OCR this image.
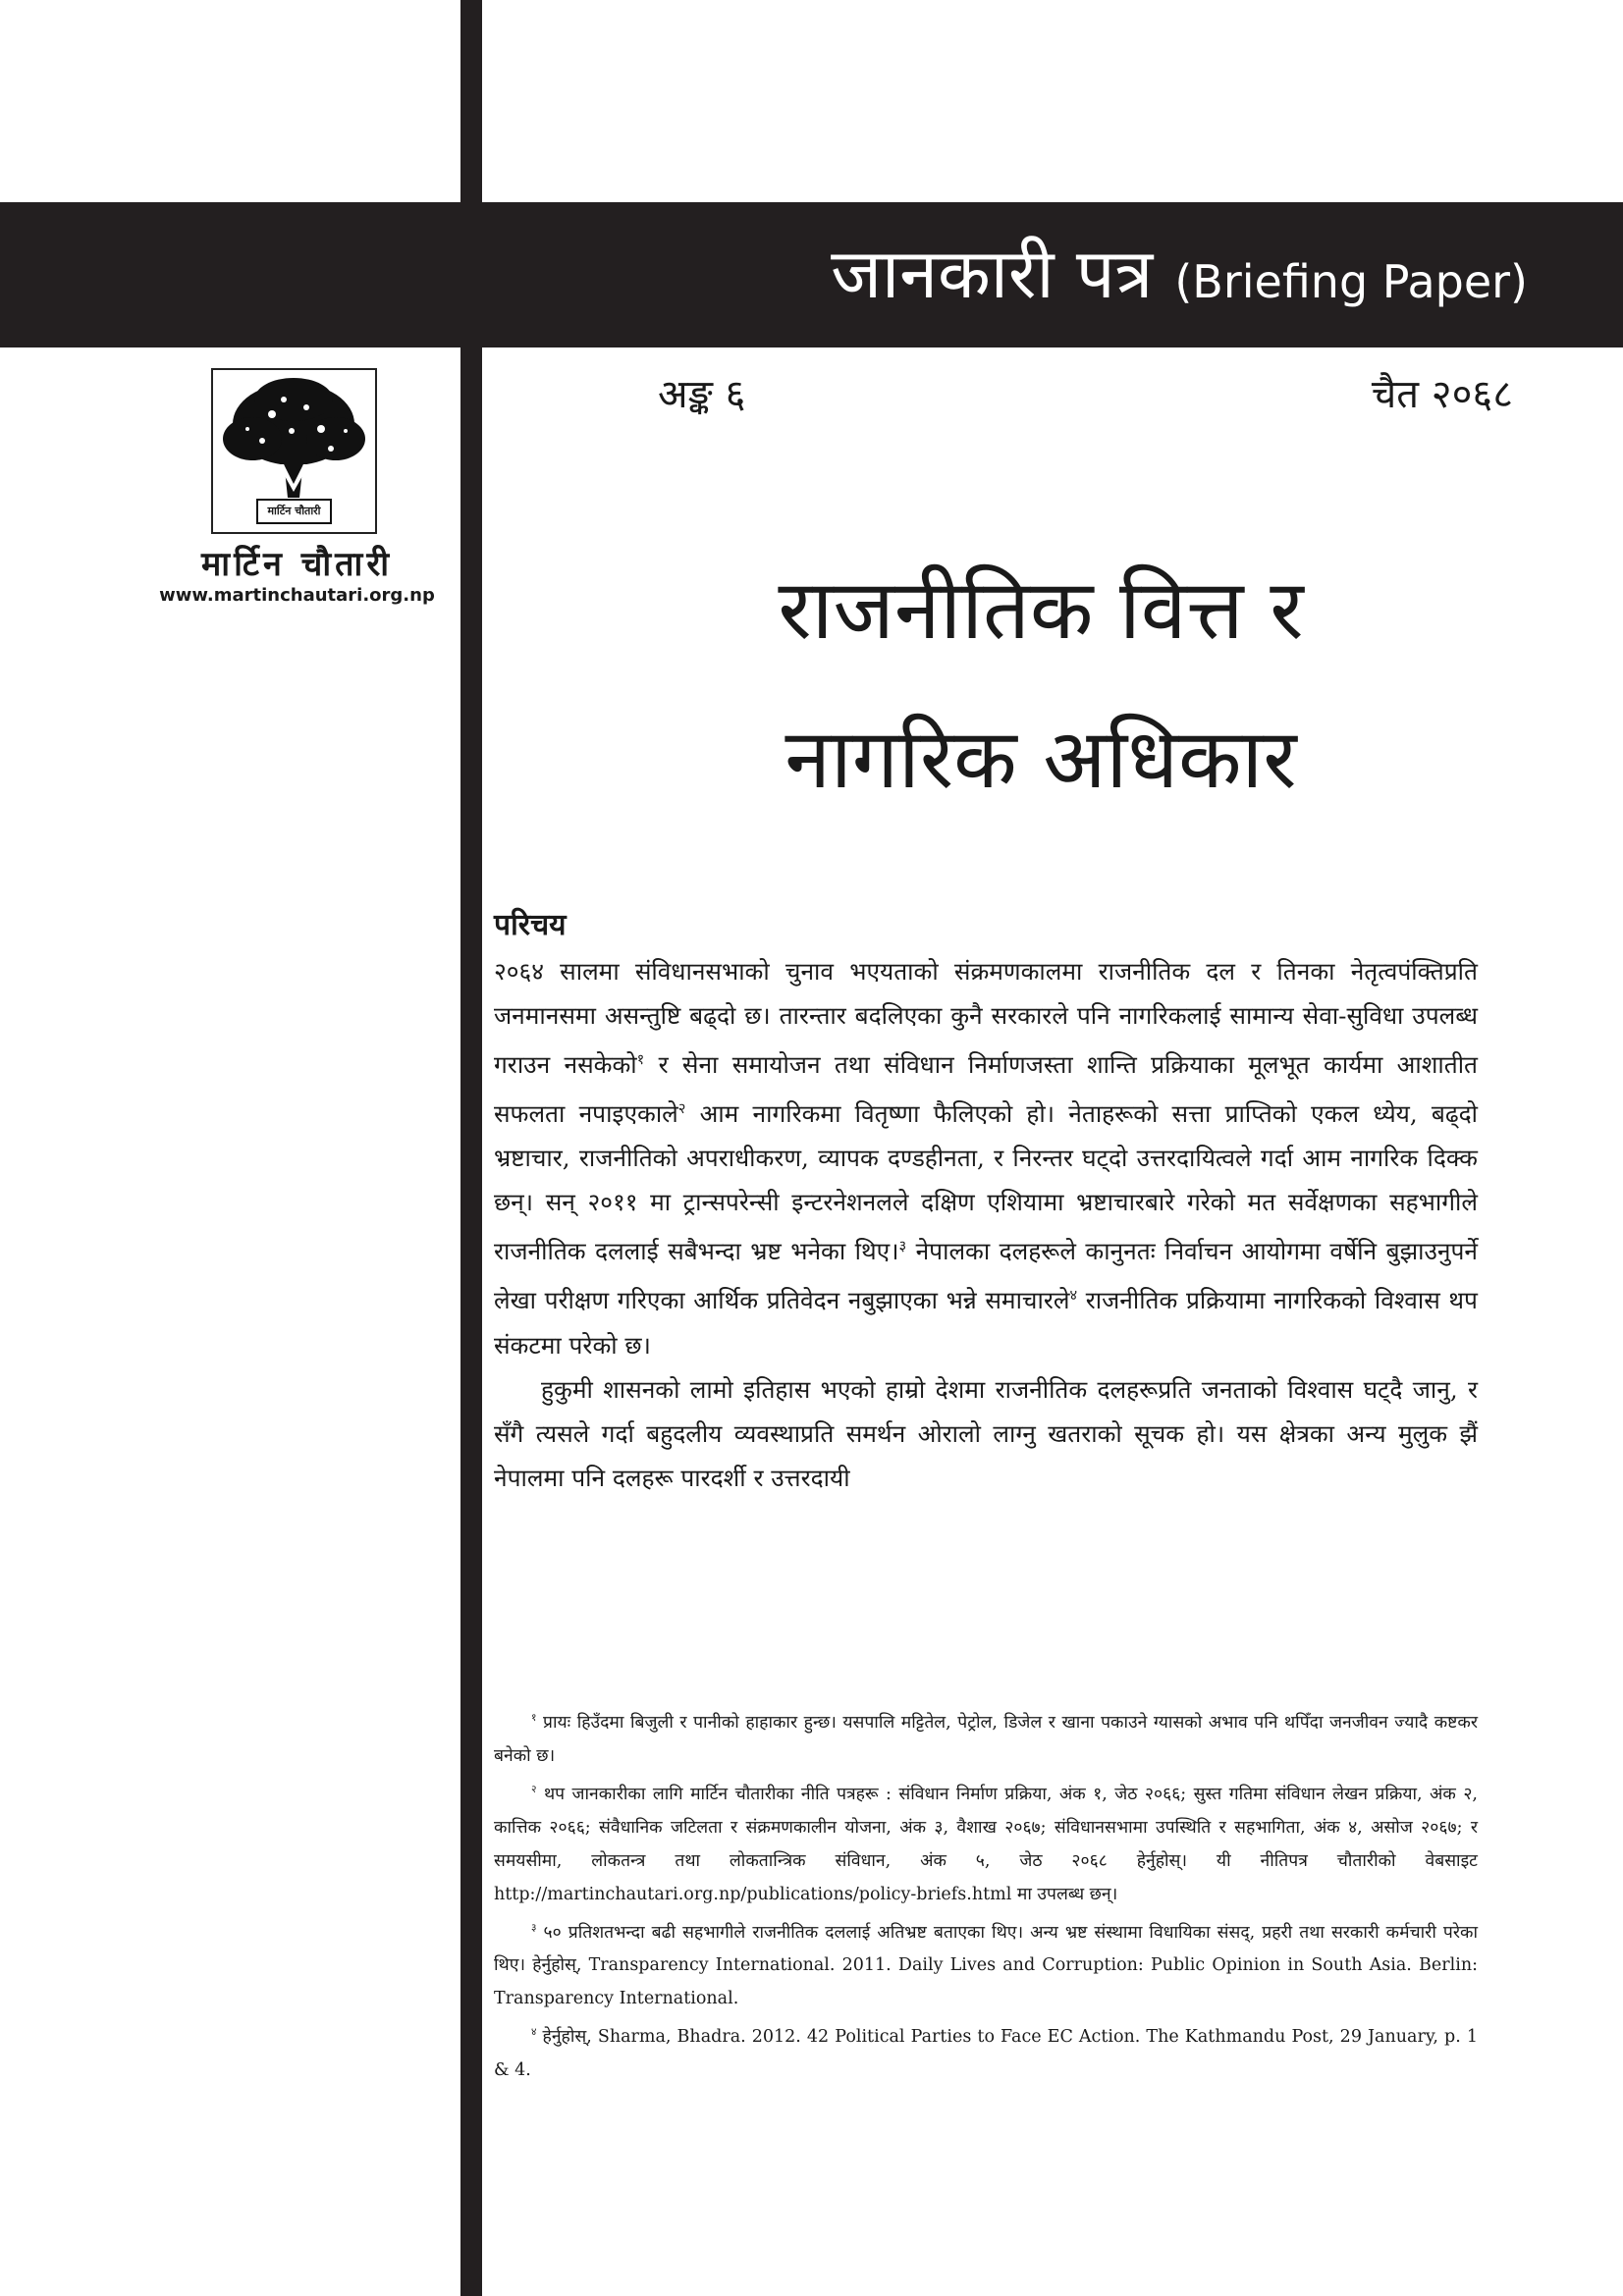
जानकारी पत्र (Briefing Paper)
अङ्क ६	चैत २०६८
मार्टिन चौतारी
मार्टिन चौतारी
www.martinchautari.org.np	राजनीतिक वित्त र
नागरिक अधिकार
परिचय

२०६४ सालमा संविधानसभाको चुनाव भएयताको संक्रमणकालमा राजनीतिक दल र तिनका नेतृत्वपंक्तिप्रति जनमानसमा असन्तुष्टि बढ्दो छ। तारन्तार बदलिएका कुनै सरकारले पनि नागरिकलाई सामान्य सेवा-सुविधा उपलब्ध गराउन नसकेको$^१$ र सेना समायोजन तथा संविधान निर्माणजस्ता शान्ति प्रक्रियाका मूलभूत कार्यमा आशातीत सफलता नपाइएकाले$^२$ आम नागरिकमा वितृष्णा फैलिएको हो। नेताहरूको सत्ता प्राप्तिको एकल ध्येय, बढ्दो भ्रष्टाचार, राजनीतिको अपराधीकरण, व्यापक दण्डहीनता, र निरन्तर घट्दो उत्तरदायित्वले गर्दा आम नागरिक दिक्क छन्। सन् २०११ मा ट्रान्सपरेन्सी इन्टरनेशनलले दक्षिण एशियामा भ्रष्टाचारबारे गरेको मत सर्वेक्षणका सहभागीले राजनीतिक दललाई सबैभन्दा भ्रष्ट भनेका थिए।$^३$ नेपालका दलहरूले कानुनतः निर्वाचन आयोगमा वर्षेनि बुझाउनुपर्ने लेखा परीक्षण गरिएका आर्थिक प्रतिवेदन नबुझाएका भन्ने समाचारले$^४$ राजनीतिक प्रक्रियामा नागरिकको विश्वास थप संकटमा परेको छ।

हुकुमी शासनको लामो इतिहास भएको हाम्रो देशमा राजनीतिक दलहरूप्रति जनताको विश्वास घट्दै जानु, र सँगै त्यसले गर्दा बहुदलीय व्यवस्थाप्रति समर्थन ओरालो लाग्नु खतराको सूचक हो। यस क्षेत्रका अन्य मुलुक झैं नेपालमा पनि दलहरू पारदर्शी र उत्तरदायी

$^१$ प्रायः हिउँदमा बिजुली र पानीको हाहाकार हुन्छ। यसपालि मट्टितेल, पेट्रोल, डिजेल र खाना पकाउने ग्यासको अभाव पनि थपिँदा जनजीवन ज्यादै कष्टकर बनेको छ।

$^२$ थप जानकारीका लागि मार्टिन चौतारीका नीति पत्रहरू : संविधान निर्माण प्रक्रिया, अंक १, जेठ २०६६; सुस्त गतिमा संविधान लेखन प्रक्रिया, अंक २, कात्तिक २०६६; संवैधानिक जटिलता र संक्रमणकालीन योजना, अंक ३, वैशाख २०६७; संविधानसभामा उपस्थिति र सहभागिता, अंक ४, असोज २०६७; र समयसीमा, लोकतन्त्र तथा लोकतान्त्रिक संविधान, अंक ५, जेठ २०६८ हेर्नुहोस्। यी नीतिपत्र चौतारीको वेबसाइट http://martinchautari.org.np/publications/policy-briefs.html मा उपलब्ध छन्।

$^३$ ५० प्रतिशतभन्दा बढी सहभागीले राजनीतिक दललाई अतिभ्रष्ट बताएका थिए। अन्य भ्रष्ट संस्थामा विधायिका संसद्, प्रहरी तथा सरकारी कर्मचारी परेका थिए। हेर्नुहोस्, Transparency International. 2011. Daily Lives and Corruption: Public Opinion in South Asia. Berlin: Transparency International.

$^४$ हेर्नुहोस्, Sharma, Bhadra. 2012. 42 Political Parties to Face EC Action. The Kathmandu Post, 29 January, p. 1 & 4.
